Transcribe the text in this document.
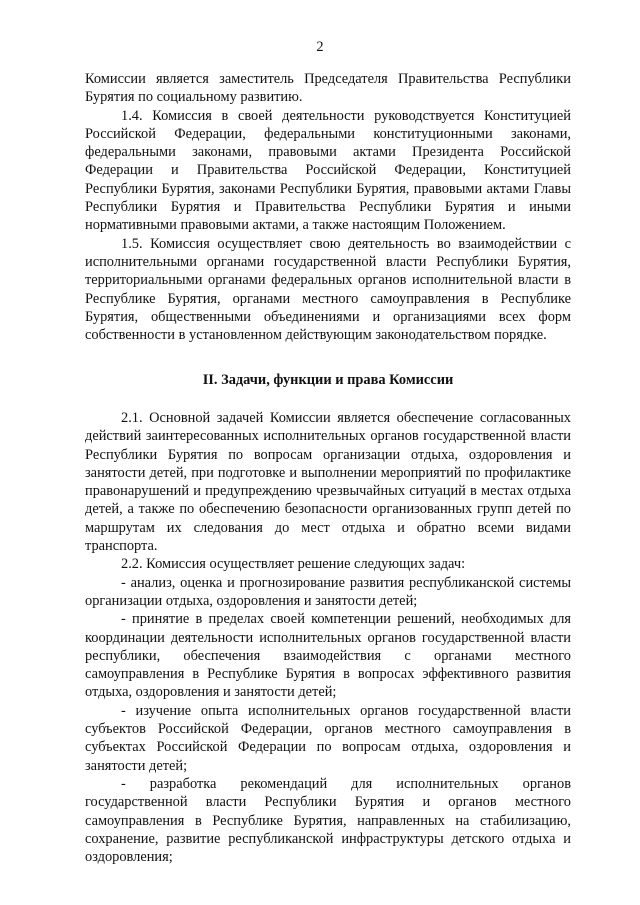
2

Комиссии является заместитель Председателя Правительства Республики Бурятия по социальному развитию.

1.4. Комиссия в своей деятельности руководствуется Конституцией Российской Федерации, федеральными конституционными законами, федеральными законами, правовыми актами Президента Российской Федерации и Правительства Российской Федерации, Конституцией Республики Бурятия, законами Республики Бурятия, правовыми актами Главы Республики Бурятия и Правительства Республики Бурятия и иными нормативными правовыми актами, а также настоящим Положением.

1.5. Комиссия осуществляет свою деятельность во взаимодействии с исполнительными органами государственной власти Республики Бурятия, территориальными органами федеральных органов исполнительной власти в Республике Бурятия, органами местного самоуправления в Республике Бурятия, общественными объединениями и организациями всех форм собственности в установленном действующим законодательством порядке.

II. Задачи, функции и права Комиссии

2.1. Основной задачей Комиссии является обеспечение согласованных действий заинтересованных исполнительных органов государственной власти Республики Бурятия по вопросам организации отдыха, оздоровления и занятости детей, при подготовке и выполнении мероприятий по профилактике правонарушений и предупреждению чрезвычайных ситуаций в местах отдыха детей, а также по обеспечению безопасности организованных групп детей по маршрутам их следования до мест отдыха и обратно всеми видами транспорта.

2.2. Комиссия осуществляет решение следующих задач:

- анализ, оценка и прогнозирование развития республиканской системы организации отдыха, оздоровления и занятости детей;

- принятие в пределах своей компетенции решений, необходимых для координации деятельности исполнительных органов государственной власти республики, обеспечения взаимодействия с органами местного самоуправления в Республике Бурятия в вопросах эффективного развития отдыха, оздоровления и занятости детей;

- изучение опыта исполнительных органов государственной власти субъектов Российской Федерации, органов местного самоуправления в субъектах Российской Федерации по вопросам отдыха, оздоровления и занятости детей;

- разработка рекомендаций для исполнительных органов государственной власти Республики Бурятия и органов местного самоуправления в Республике Бурятия, направленных на стабилизацию, сохранение, развитие республиканской инфраструктуры детского отдыха и оздоровления;
